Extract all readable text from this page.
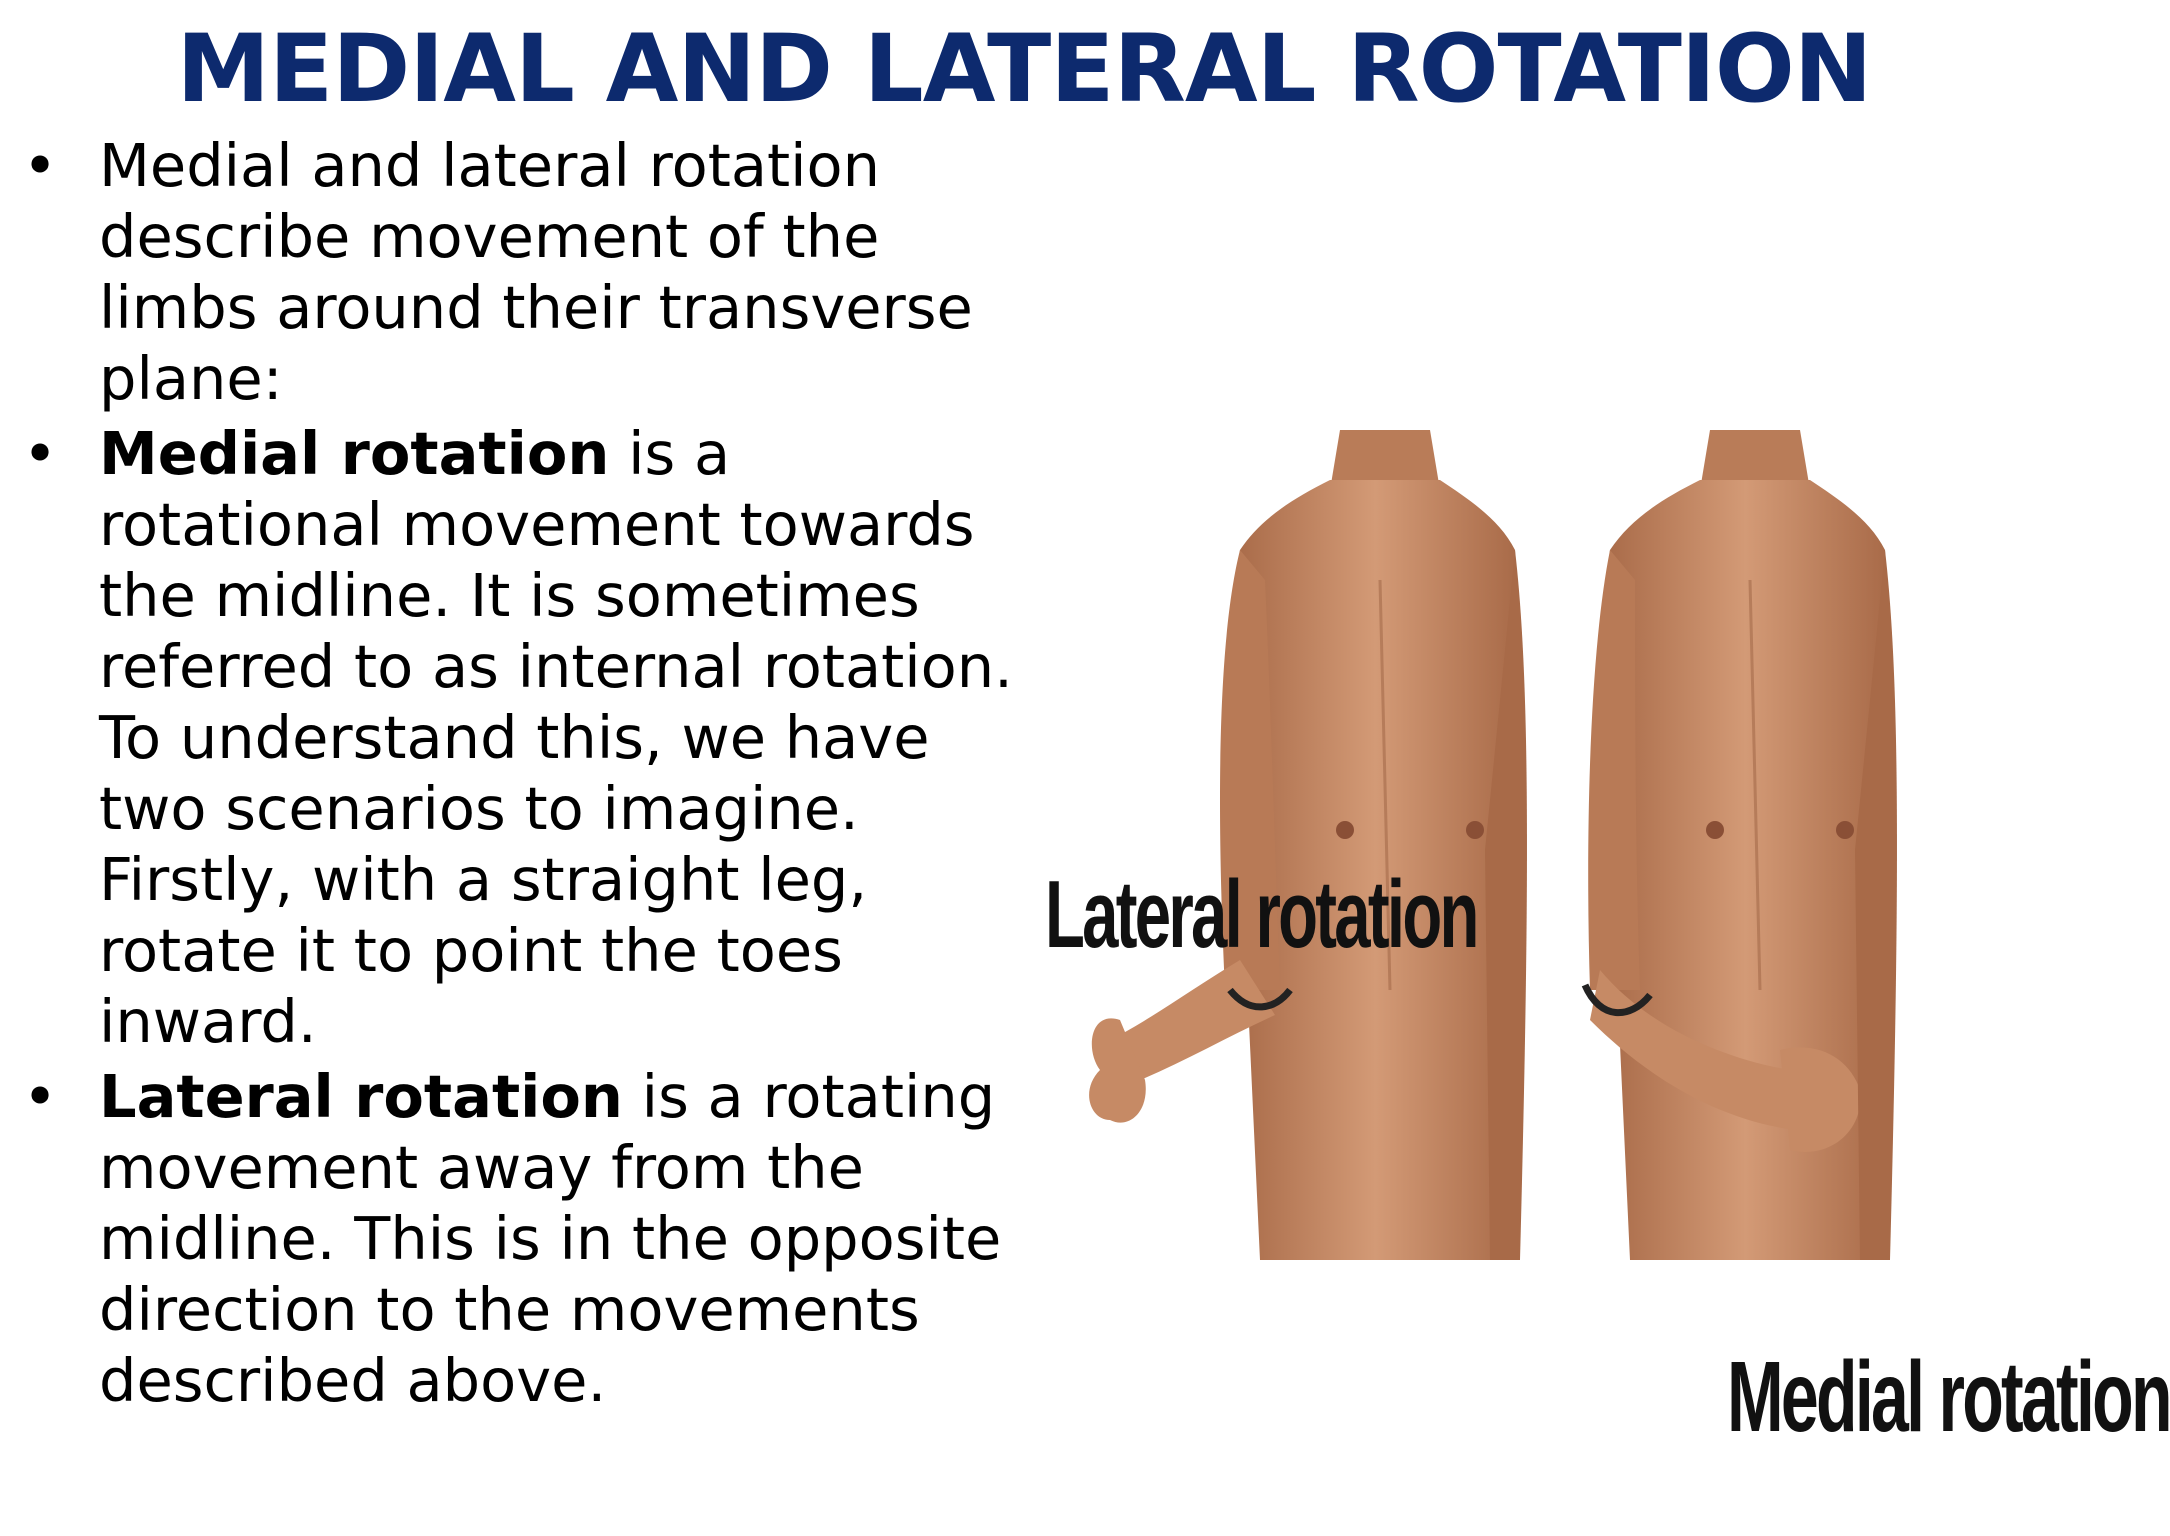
MEDIAL AND LATERAL ROTATION
• Medial and lateral rotation describe movement of the limbs around their transverse plane:
• Medial rotation is a rotational movement towards the midline. It is sometimes referred to as internal rotation. To understand this, we have two scenarios to imagine. Firstly, with a straight leg, rotate it to point the toes inward.
• Lateral rotation is a rotating movement away from the midline. This is in the opposite direction to the movements described above.
Lateral rotation
Medial rotation
